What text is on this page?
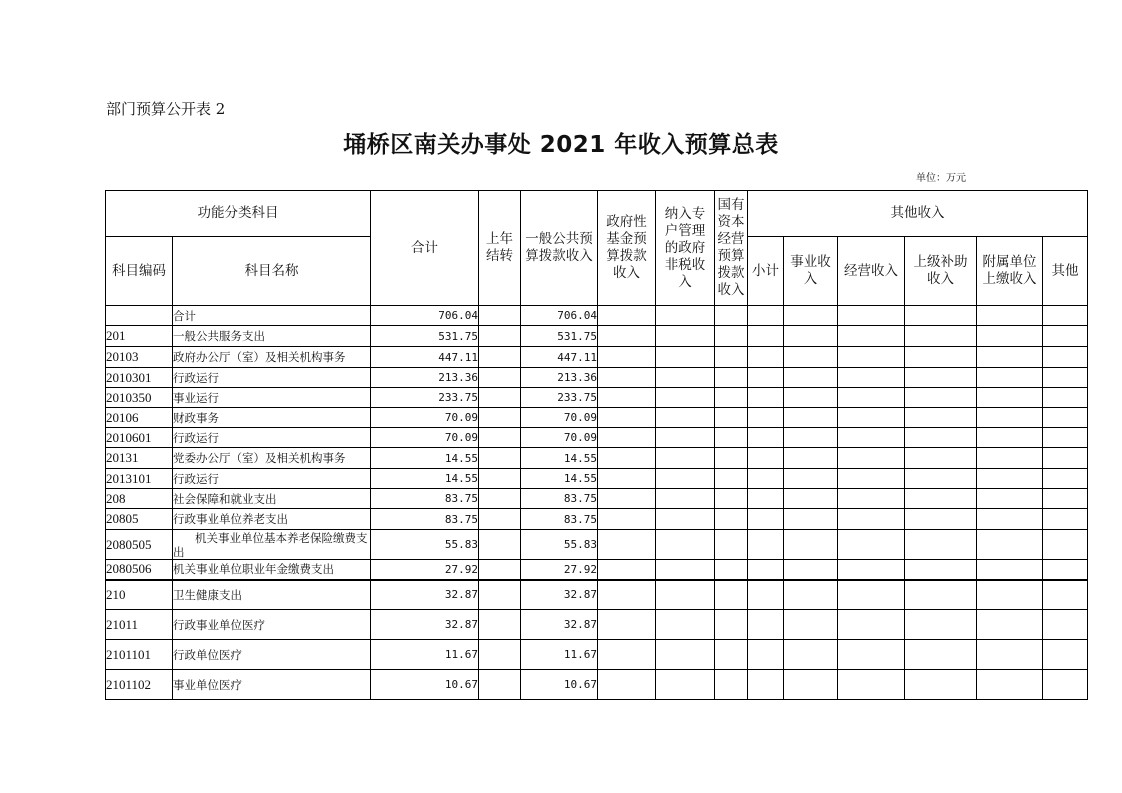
部门预算公开表 2
埇桥区南关办事处 2021 年收入预算总表
单位：万元
功能分类科目		合计	上年结转	一般公共预算拨款收入	政府性基金预算拨款收入	纳入专户管理的政府非税收入	国有资本经营预算拨款收入	其他收入					
科目编码	科目名称							小计	事业收入	经营收入	上级补助收入	附属单位上缴收入	其他
	合计	706.04		706.04									
201	一般公共服务支出	531.75		531.75									
20103	政府办公厅（室）及相关机构事务	447.11		447.11									
2010301	行政运行	213.36		213.36									
2010350	事业运行	233.75		233.75									
20106	财政事务	70.09		70.09									
2010601	行政运行	70.09		70.09									
20131	党委办公厅（室）及相关机构事务	14.55		14.55									
2013101	行政运行	14.55		14.55									
208	社会保障和就业支出	83.75		83.75									
20805	行政事业单位养老支出	83.75		83.75									
2080505	机关事业单位基本养老保险缴费支出	55.83		55.83									
2080506	机关事业单位职业年金缴费支出	27.92		27.92									
210	卫生健康支出	32.87		32.87									
21011	行政事业单位医疗	32.87		32.87									
2101101	行政单位医疗	11.67		11.67									
2101102	事业单位医疗	10.67		10.67									
